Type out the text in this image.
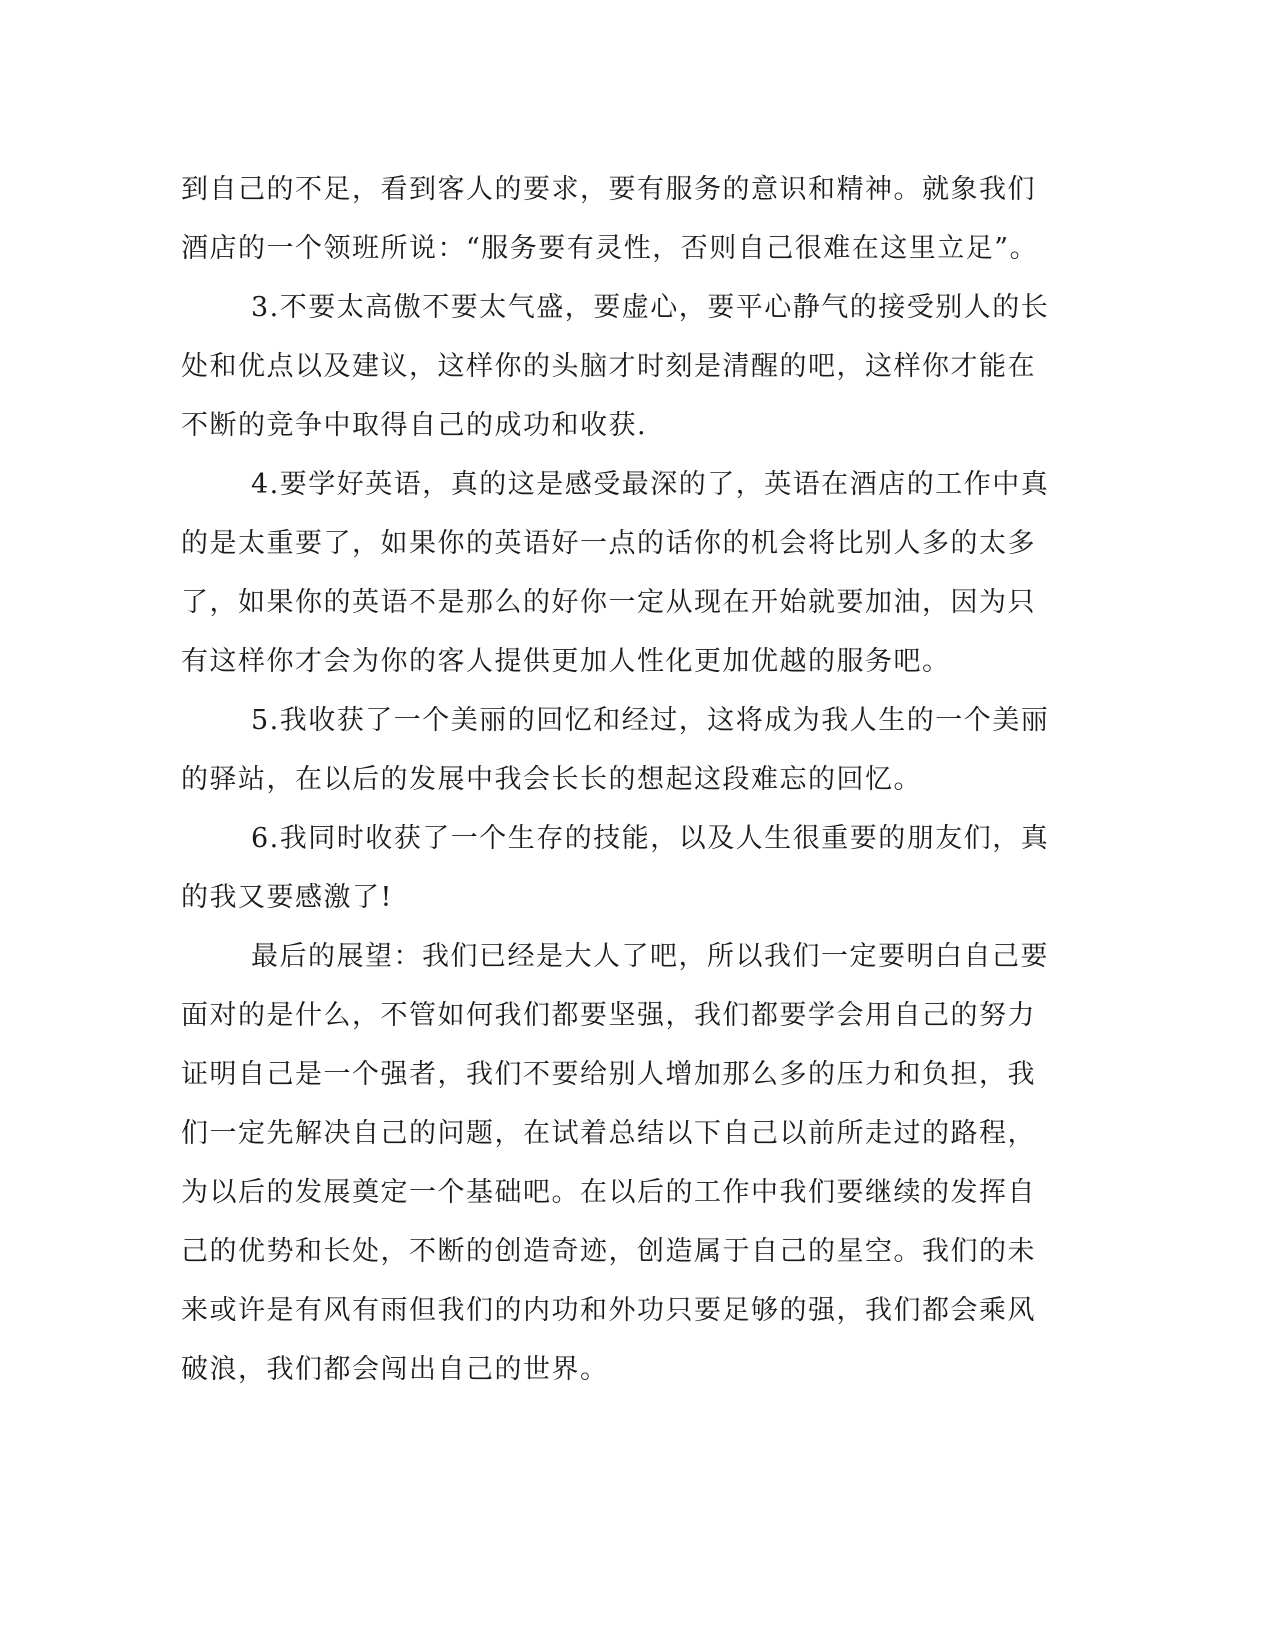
到自己的不足，看到客人的要求，要有服务的意识和精神。就象我们
酒店的一个领班所说：“服务要有灵性，否则自己很难在这里立足”。
3.不要太高傲不要太气盛，要虚心，要平心静气的接受别人的长
处和优点以及建议，这样你的头脑才时刻是清醒的吧，这样你才能在
不断的竞争中取得自己的成功和收获.
4.要学好英语，真的这是感受最深的了，英语在酒店的工作中真
的是太重要了，如果你的英语好一点的话你的机会将比别人多的太多
了，如果你的英语不是那么的好你一定从现在开始就要加油，因为只
有这样你才会为你的客人提供更加人性化更加优越的服务吧。
5.我收获了一个美丽的回忆和经过，这将成为我人生的一个美丽
的驿站，在以后的发展中我会长长的想起这段难忘的回忆。
6.我同时收获了一个生存的技能，以及人生很重要的朋友们，真
的我又要感激了!
最后的展望：我们已经是大人了吧，所以我们一定要明白自己要
面对的是什么，不管如何我们都要坚强，我们都要学会用自己的努力
证明自己是一个强者，我们不要给别人增加那么多的压力和负担，我
们一定先解决自己的问题，在试着总结以下自己以前所走过的路程，
为以后的发展奠定一个基础吧。在以后的工作中我们要继续的发挥自
己的优势和长处，不断的创造奇迹，创造属于自己的星空。我们的未
来或许是有风有雨但我们的内功和外功只要足够的强，我们都会乘风
破浪，我们都会闯出自己的世界。
